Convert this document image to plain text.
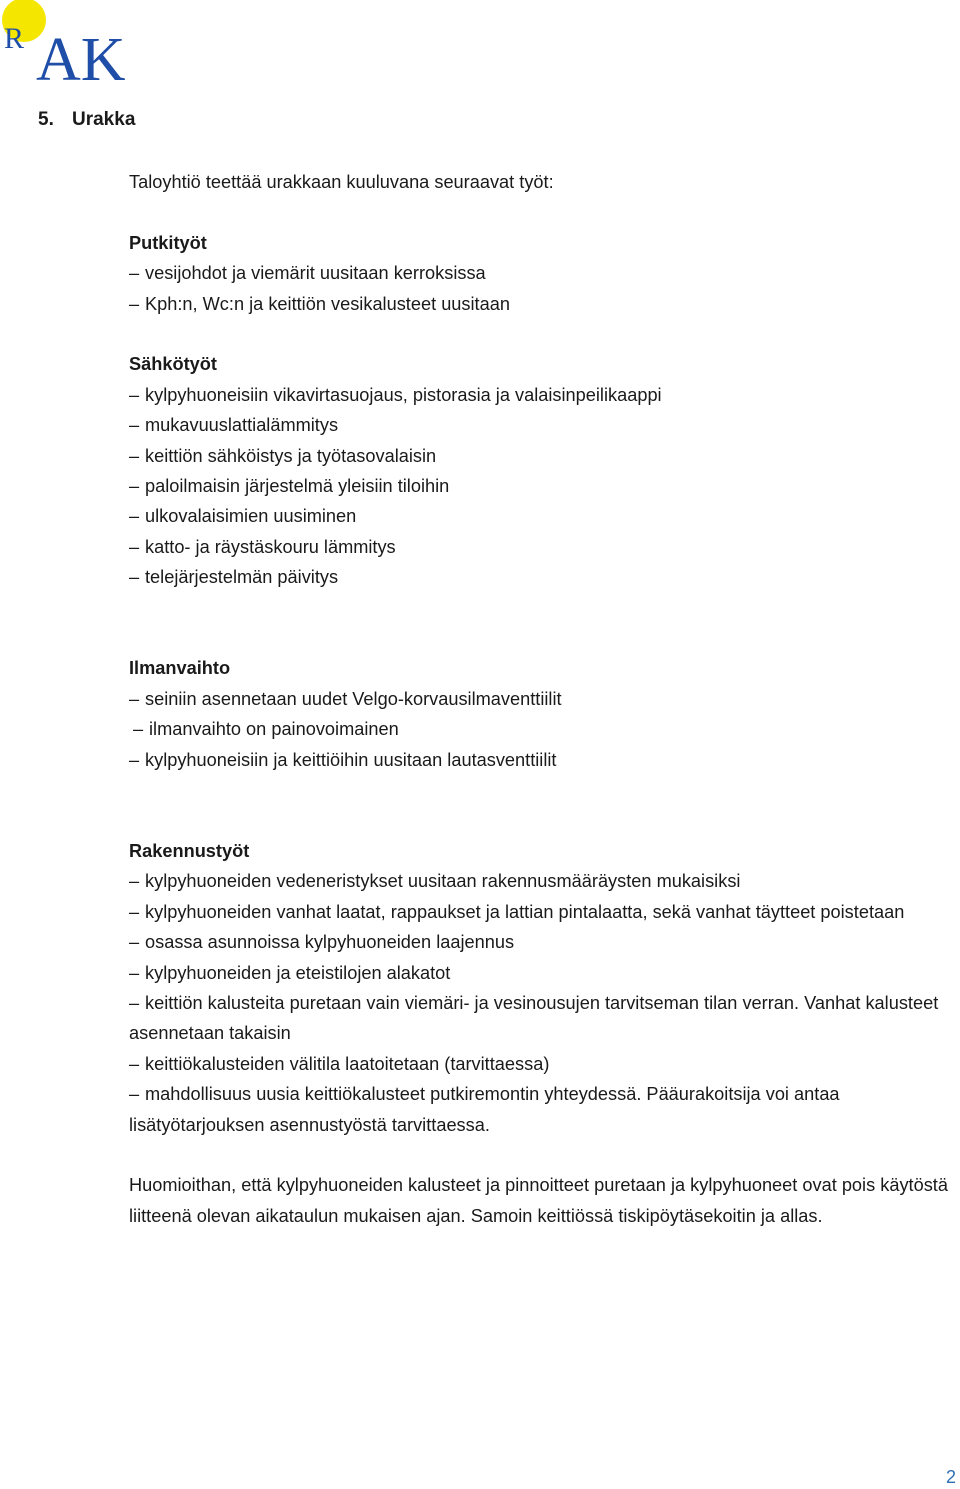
R AK
5. Urakka

Taloyhtiö teettää urakkaan kuuluvana seuraavat työt:

Putkityöt

– vesijohdot ja viemärit uusitaan kerroksissa

– Kph:n, Wc:n ja keittiön vesikalusteet uusitaan

Sähkötyöt

– kylpyhuoneisiin vikavirtasuojaus, pistorasia ja valaisinpeilikaappi

– mukavuuslattialämmitys

– keittiön sähköistys ja työtasovalaisin

– paloilmaisin järjestelmä yleisiin tiloihin

– ulkovalaisimien uusiminen

– katto- ja räystäskouru lämmitys

– telejärjestelmän päivitys

Ilmanvaihto

– seiniin asennetaan uudet Velgo-korvausilmaventtiilit

– ilmanvaihto on painovoimainen

– kylpyhuoneisiin ja keittiöihin uusitaan lautasventtiilit

Rakennustyöt

– kylpyhuoneiden vedeneristykset uusitaan rakennusmääräysten mukaisiksi

– kylpyhuoneiden vanhat laatat, rappaukset ja lattian pintalaatta, sekä vanhat täytteet poistetaan

– osassa asunnoissa kylpyhuoneiden laajennus

– kylpyhuoneiden ja eteistilojen alakatot

– keittiön kalusteita puretaan vain viemäri- ja vesinousujen tarvitseman tilan verran. Vanhat kalusteet asennetaan takaisin

– keittiökalusteiden välitila laatoitetaan (tarvittaessa)

– mahdollisuus uusia keittiökalusteet putkiremontin yhteydessä. Pääurakoitsija voi antaa lisätyötarjouksen asennustyöstä tarvittaessa.

Huomioithan, että kylpyhuoneiden kalusteet ja pinnoitteet puretaan ja kylpyhuoneet ovat pois käytöstä liitteenä olevan aikataulun mukaisen ajan. Samoin keittiössä tiskipöytäsekoitin ja allas.

2
